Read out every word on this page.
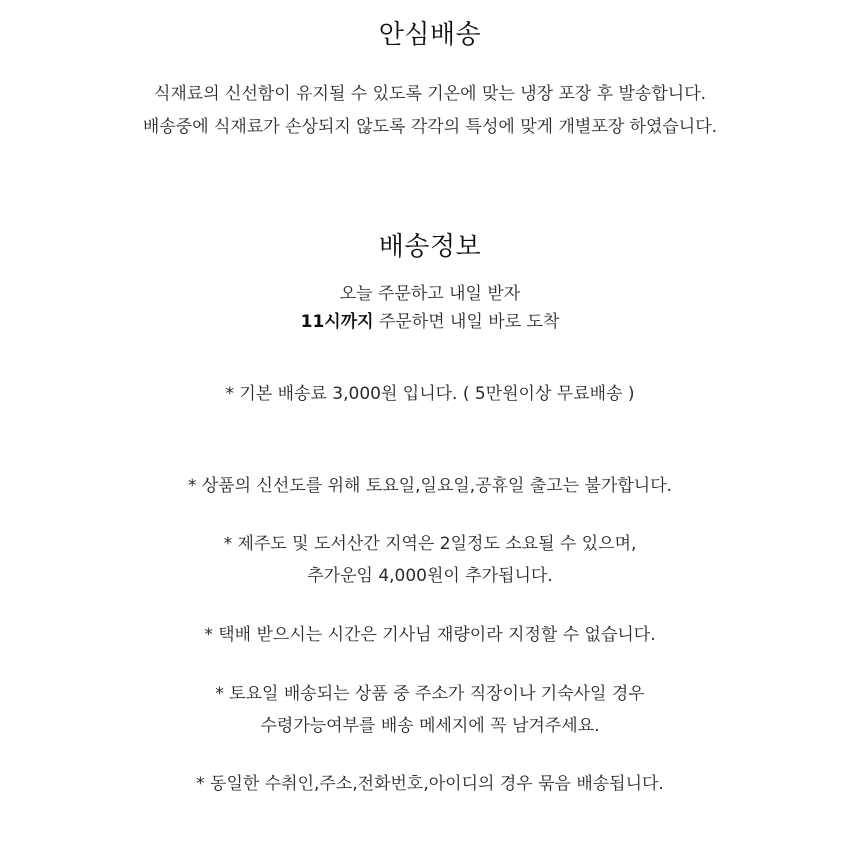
안심배송
식재료의 신선함이 유지될 수 있도록 기온에 맞는 냉장 포장 후 발송합니다.
배송중에 식재료가 손상되지 않도록 각각의 특성에 맞게 개별포장 하였습니다.
배송정보
오늘 주문하고 내일 받자
11시까지 주문하면 내일 바로 도착
* 기본 배송료 3,000원 입니다. ( 5만원이상 무료배송 )
* 상품의 신선도를 위해 토요일,일요일,공휴일 출고는 불가합니다.
* 제주도 및 도서산간 지역은 2일정도 소요될 수 있으며,
추가운임 4,000원이 추가됩니다.
* 택배 받으시는 시간은 기사님 재량이라 지정할 수 없습니다.
* 토요일 배송되는 상품 중 주소가 직장이나 기숙사일 경우
수령가능여부를 배송 메세지에 꼭 남겨주세요.
* 동일한 수취인,주소,전화번호,아이디의 경우 묶음 배송됩니다.
